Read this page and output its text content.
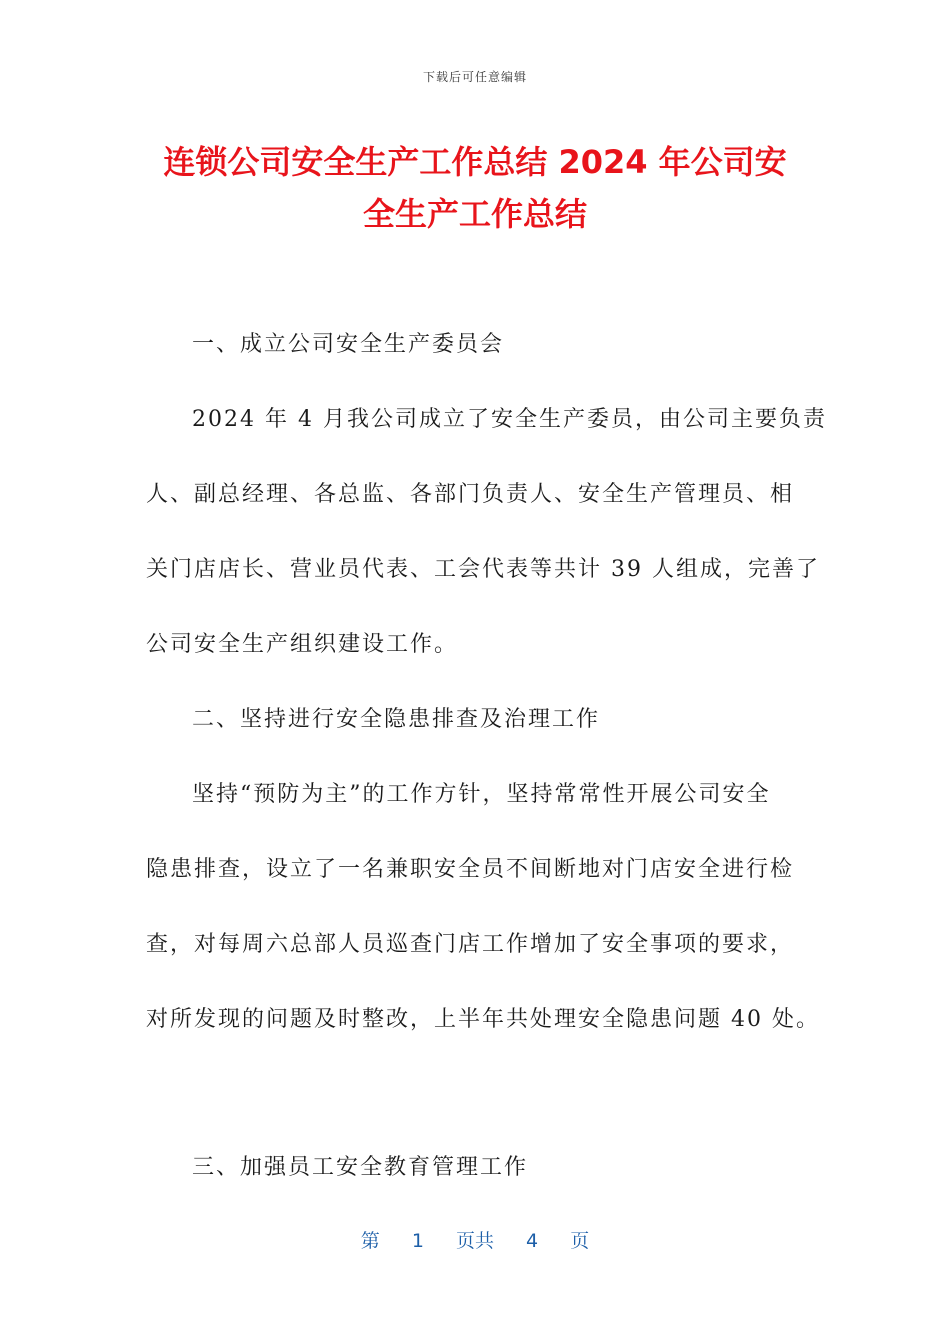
下载后可任意编辑
连锁公司安全生产工作总结 2024 年公司安
全生产工作总结
一、成立公司安全生产委员会
2024 年 4 月我公司成立了安全生产委员，由公司主要负责
人、副总经理、各总监、各部门负责人、安全生产管理员、相
关门店店长、营业员代表、工会代表等共计 39 人组成，完善了
公司安全生产组织建设工作。
二、坚持进行安全隐患排查及治理工作
坚持“预防为主”的工作方针，坚持常常性开展公司安全
隐患排查，设立了一名兼职安全员不间断地对门店安全进行检
查，对每周六总部人员巡查门店工作增加了安全事项的要求，
对所发现的问题及时整改，上半年共处理安全隐患问题 40 处。
三、加强员工安全教育管理工作
第 1 页共 4 页
